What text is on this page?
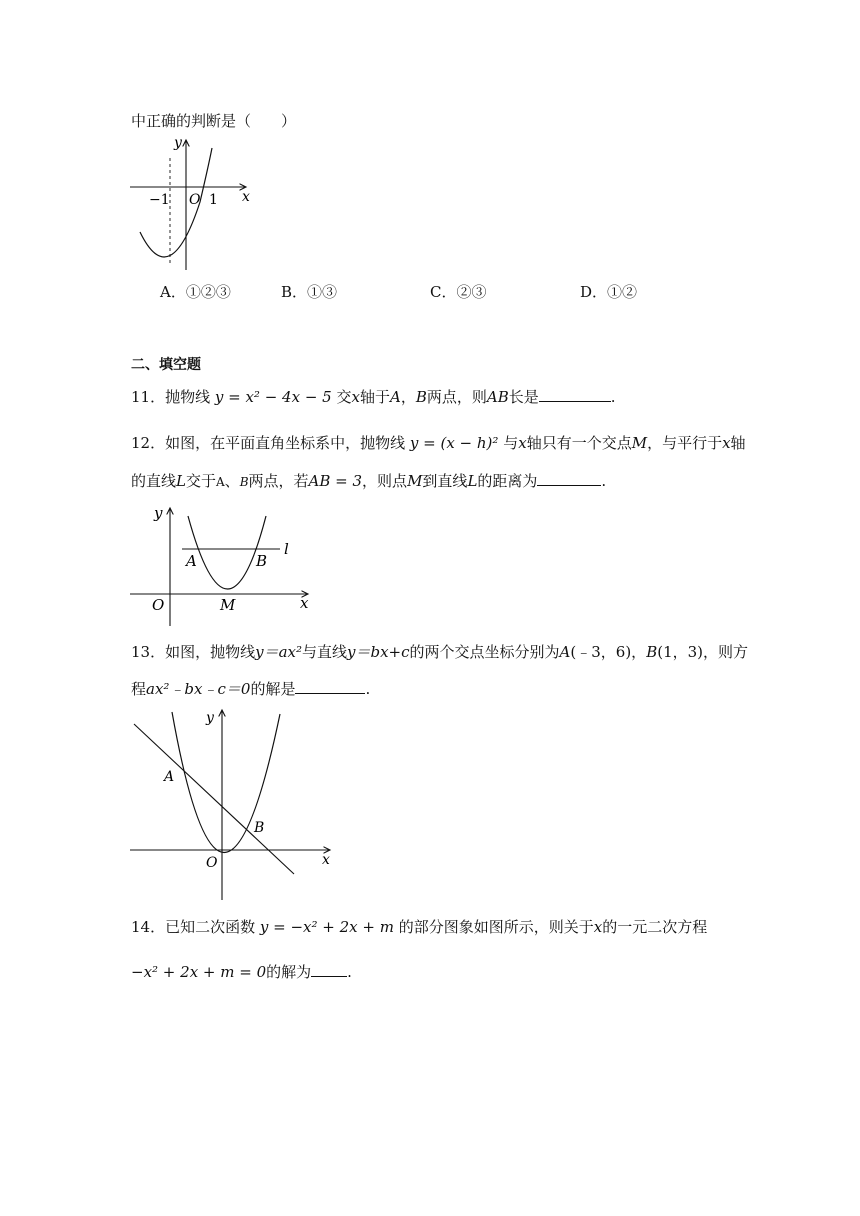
中正确的判断是（　　）
y
x
O
−1	1
A．①②③	B．①③	C．②③	D．①②
二、填空题
11．抛物线 y = x² − 4x − 5 交x轴于A，B两点，则AB长是	.
12．如图，在平面直角坐标系中，抛物线 y = (x − h)² 与x轴只有一个交点M，与平行于x轴
的直线L交于A、B两点，若AB = 3，则点M到直线L的距离为	.
y
x
O
A	B
M
l
13．如图，抛物线y＝ax²与直线y＝bx+c的两个交点坐标分别为A(﹣3，6)，B(1，3)，则方
程ax²﹣bx﹣c＝0的解是	.
y
x
O
A
B
14．已知二次函数 y = −x² + 2x + m 的部分图象如图所示，则关于x的一元二次方程
−x² + 2x + m = 0的解为 .
